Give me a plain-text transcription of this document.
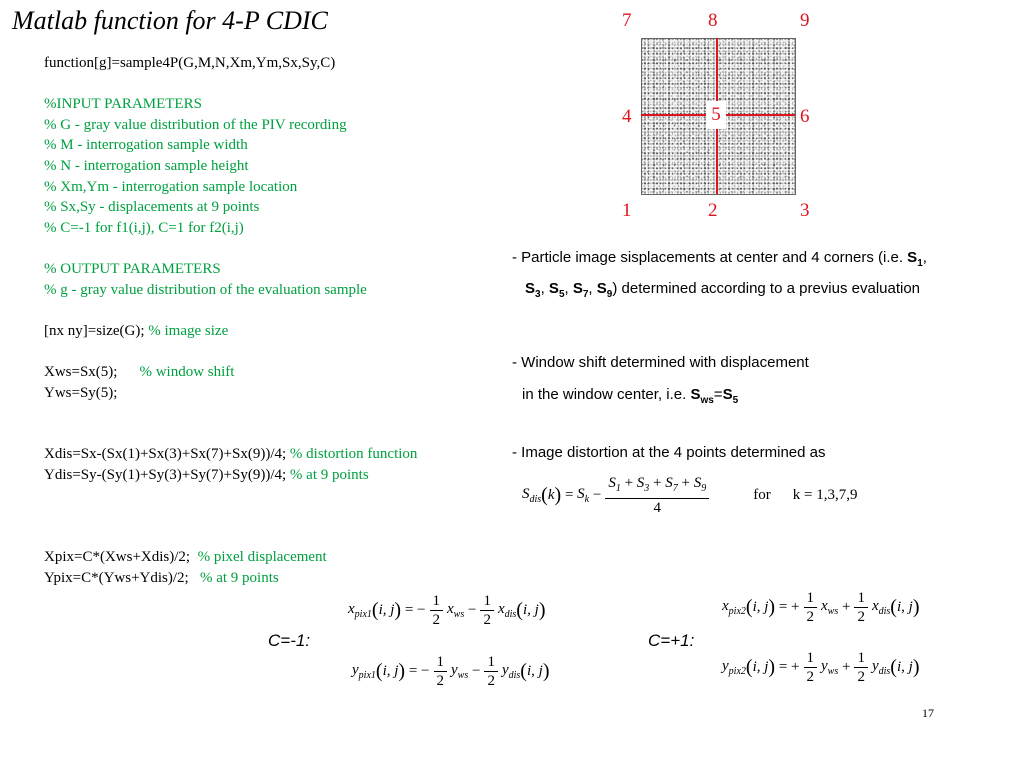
Matlab function for 4-P CDIC
function[g]=sample4P(G,M,N,Xm,Ym,Sx,Sy,C)
%INPUT PARAMETERS
% G - gray value distribution of the PIV recording
% M - interrogation sample width
% N - interrogation sample height
% Xm,Ym - interrogation sample location
% Sx,Sy - displacements at 9 points
% C=-1 for f1(i,j), C=1 for f2(i,j)
% OUTPUT PARAMETERS
% g - gray value distribution of the evaluation sample
[nx ny]=size(G); % image size
Xws=Sx(5); % window shift
Yws=Sy(5);
Xdis=Sx-(Sx(1)+Sx(3)+Sx(7)+Sx(9))/4; % distortion function
Ydis=Sy-(Sy(1)+Sy(3)+Sy(7)+Sy(9))/4; % at 9 points
Xpix=C*(Xws+Xdis)/2; % pixel displacement
Ypix=C*(Yws+Ydis)/2; % at 9 points
5
7	8	9
4	6
1	2	3
- Particle image sisplacements at center and 4 corners (i.e. $S_1$,
$S_3$, $S_5$, $S_7$, $S_9$) determined according to a previus evaluation
- Window shift determined with displacement
in the window center, i.e. $S_{ws}=S_5$
- Image distortion at the 4 points determined as
$S_{dis}$ ( k ) = $S_k - \frac{S_1 + S_3 + S_7 + S_9}{4}$	for k = 1,3,7,9
C=-1:
$x_{pix1}$ ( i, j ) = − $\frac{1}{2} x_{ws} - \frac{1}{2} x_{dis}$ ( i, j )
$y_{pix1}$ ( i, j ) = − $\frac{1}{2} y_{ws} - \frac{1}{2} y_{dis}$ ( i, j )
C=+1:
$x_{pix2}$ ( i, j ) = + $\frac{1}{2} x_{ws} + \frac{1}{2} x_{dis}$ ( i, j )
$y_{pix2}$ ( i, j ) = + $\frac{1}{2} y_{ws} + \frac{1}{2} y_{dis}$ ( i, j )
17
